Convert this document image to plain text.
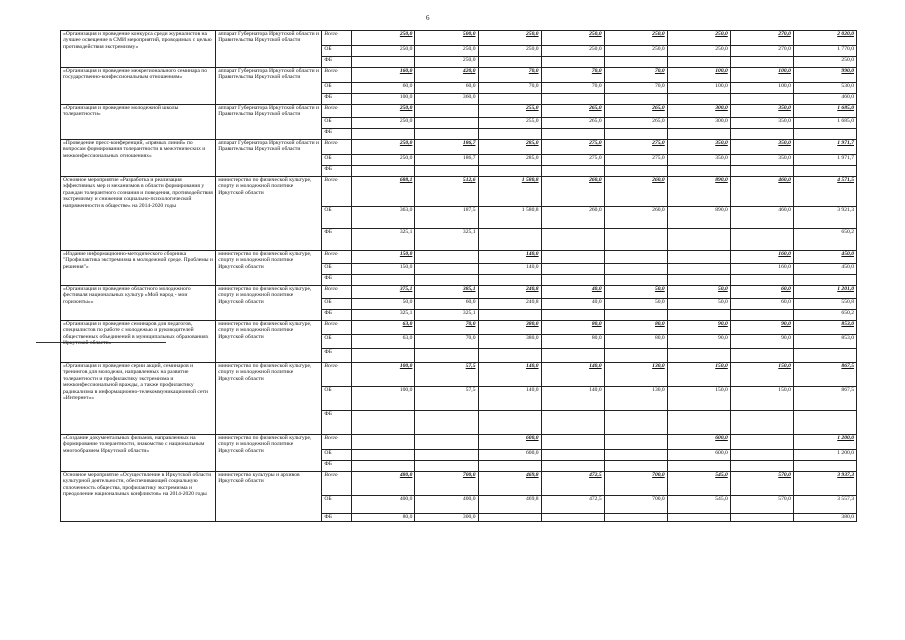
6
«Организация и проведение конкурса среди журналистов на лучшее освещение в СМИ мероприятий, проводимых с целью противодействия экстремизму»	аппарат Губернатора Иркутской области и Правительства Иркутской области	Всего	250,0	500,0	250,0	250,0	250,0	250,0	270,0	2 020,0
		ОБ	250,0	250,0	250,0	250,0	250,0	250,0	270,0	1 770,0
		ФБ		250,0						250,0
«Организация и проведение межрегионального семинара по государственно-конфессиональным отношениям»	аппарат Губернатора Иркутской области и Правительства Иркутской области	Всего	160,0	420,0	70,0	70,0	70,0	100,0	100,0	990,0
		ОБ	60,0	60,0	70,0	70,0	70,0	100,0	100,0	530,0
		ФБ	100,0	360,0						460,0
«Организация и проведение молодежной школы толерантности»	аппарат Губернатора Иркутской области и Правительства Иркутской области	Всего	250,0		255,0	265,0	265,0	300,0	350,0	1 685,0
		ОБ	250,0		255,0	265,0	265,0	300,0	350,0	1 685,0
		ФБ								
«Проведение пресс-конференций, «прямых линий» по вопросам формирования толерантности в межэтнических и межконфессиональных отношениях»	аппарат Губернатора Иркутской области и Правительства Иркутской области	Всего	250,0	186,7	285,0	275,0	275,0	350,0	350,0	1 971,7
		ОБ	250,0	186,7	285,0	275,0	275,0	350,0	350,0	1 971,7
		ФБ								
Основное мероприятие «Разработка и реализация эффективных мер и механизмов в области формирования у граждан толерантного сознания и поведения, противодействия экстремизму и снижения социально-психологической напряженности в обществе» на 2014-2020 годы	министерство по физической культуре, спорту и молодежной политике Иркутской области	Всего	688,1	512,6	1 580,8	260,0	260,0	890,0	460,0	4 571,5
		ОБ	363,0	187,5	1 580,8	260,0	260,0	890,0	460,0	3 921,3
		ФБ	325,1	325,1						650,2
«Издание информационно-методического сборника "Профилактика экстремизма в молодежной среде. Проблемы и решения"»	министерство по физической культуре, спорту и молодежной политике Иркутской области	Всего	150,0		140,0				160,0	450,0
		ОБ	150,0		140,0				160,0	450,0
		ФБ								
«Организация и проведение областного молодежного фестиваля национальных культур «Мой народ - мои горизонты»»	министерство по физической культуре, спорту и молодежной политике Иркутской области	Всего	375,1	385,1	240,8	40,0	50,0	50,0	60,0	1 201,0
		ОБ	50,0	60,0	240,8	40,0	50,0	50,0	60,0	550,8
		ФБ	325,1	325,1						650,2
«Организация и проведение семинаров для педагогов, специалистов по работе с молодежью и руководителей общественных объединений в муниципальных образованиях Иркутской области»	министерство по физической культуре, спорту и молодежной политике Иркутской области	Всего	63,0	70,0	380,0	80,0	80,0	90,0	90,0	853,0
		ОБ	63,0	70,0	380,0	80,0	80,0	90,0	90,0	853,0
		ФБ								
«Организация и проведение серии акций, семинаров и тренингов для молодежи, направленных на развитие толерантности и профилактику экстремизма и межконфессиональной вражды, а также профилактику радикализма в информационно-телекоммуникационной сети «Интернет»»	министерство по физической культуре, спорту и молодежной политике Иркутской области	Всего	100,0	57,5	140,0	140,0	130,0	150,0	150,0	867,5
		ОБ	100,0	57,5	140,0	140,0	130,0	150,0	150,0	867,5
		ФБ								
«Создание документальных фильмов, направленных на формирование толерантности, знакомство с национальным многообразием Иркутской области»	министерство по физической культуре, спорту и молодежной политике Иркутской области	Всего			600,0			600,0		1 200,0
		ОБ			600,0			600,0		1 200,0
		ФБ								
Основное мероприятие «Осуществление в Иркутской области культурной деятельности, обеспечивающей социальную сплоченность общества, профилактику экстремизма и преодоление национальных конфликтов» на 2014-2020 годы	министерство культуры и архивов Иркутской области	Всего	480,0	700,0	469,8	472,5	700,0	545,0	570,0	3 937,3
		ОБ	400,0	400,0	469,8	472,5	700,0	545,0	570,0	3 557,3
		ФБ	80,0	300,0						380,0
